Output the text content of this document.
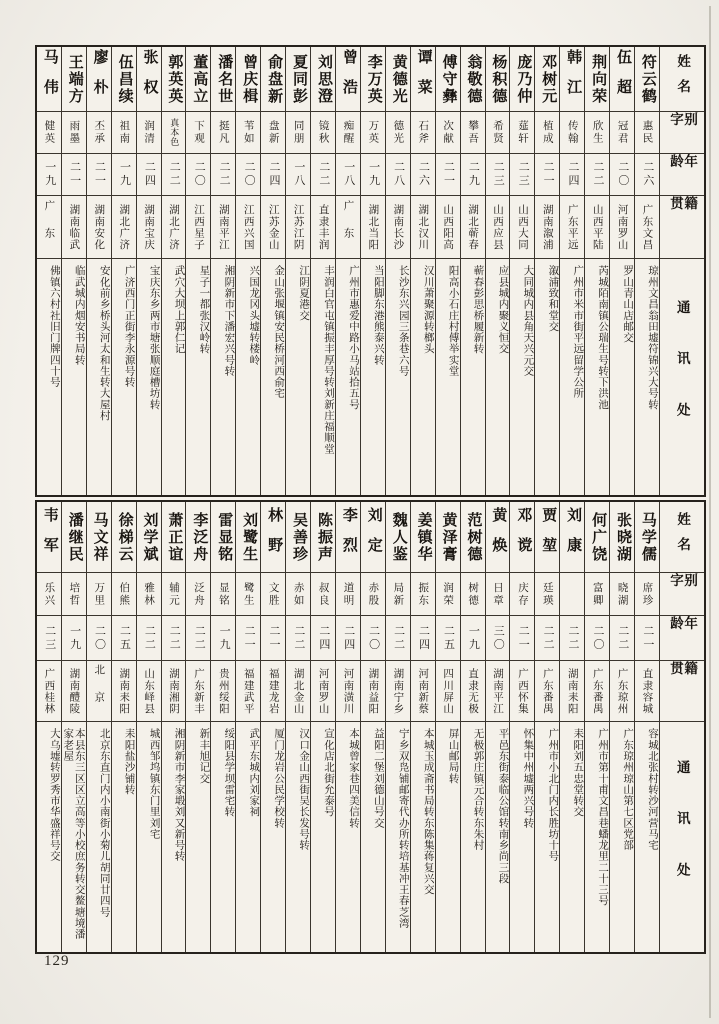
姓名
别字
年龄
籍贯
通讯处
符云鹤
惠民
二六
广东文昌
琼州文昌翁田墟符锦兴大号转
伍超
冠君
二〇
河南罗山
罗山青山店邮交
荆向荣
欣生
二二
山西平陆
芮城陌南镇公瑞生号转下洪池
韩江
传翰
二四
广东平远
广州市米市街平远留学公所
邓树元
植成
二一
湖南溆浦
溆浦致和堂交
庞乃仲
莚轩
二三
山西大同
大同城内县角天兴元交
杨积德
希贤
二三
山西应县
应县城内聚义恒交
翁敬德
攀吾
二九
湖北蕲春
蕲春彭思桥履新转
傅守彝
次献
二一
山西阳高
阳高小石庄村傅举实堂
谭菜
石斧
二六
湖北汉川
汉川萧聚源转榔头
黄德光
德光
二八
湖南长沙
长沙东兴园三条巷六号
李万英
万英
一九
湖北当阳
当阳脚东港熊泰兴转
曾浩
痴醒
一八
广东
广州市惠爱中路小马站拾五号
刘思澄
镜秋
二二
直隶丰润
丰润白官屯镇振丰厚号转刘新庄福顺堂
夏同彭
同朋
一八
江苏江阴
江阴夏港交
俞盘新
盘新
二四
江苏金山
金山张堰镇安民桥河西俞宅
曾庆楫
苇如
二〇
江西兴国
兴国龙冈头墟转楼岭
潘名世
挺凡
二二
湖南平江
湘阴新市下潘宏兴号转
董高立
下观
二〇
江西星子
星子一都张汉岭转
郭英英
真本色
二二
湖北广济
武穴大坝上郭仁记
张权
润清
二四
湖南宝庆
宝庆东乡两市塘张顺庭槽坊转
伍昌续
祖南
一九
湖北广济
广济西门正街李永源号转
廖朴
丕承
二一
湖南安化
安化前乡桥头河太和生转大屋村
王端方
雨墨
二一
湖南临武
临武城内烟安书局转
马伟
健英
一九
广东
佛镇六村社旧门牌四十号
姓名
别字
年龄
籍贯
通讯处
马学儒
席珍
二一
直隶容城
容城北张村转沙河营马宅
张晓湖
晓湖
二二
广东琼州
广东琼州琼山第七区党部
何广饶
富卿
二〇
广东番禺
广州市第十甫文昌巷蟠龙里二十三号
刘康
二二
湖南耒阳
耒阳刘五忠堂转交
贾堃
廷瑛
二二
广东番禺
广州市小北门内长胜坊十号
邓谠
庆存
二一
广西怀集
怀集中州墟两兴号转
黄焕
日章
三〇
湖南平江
平邑东街泰临公馆转南乡尚三段
范树德
树德
一九
直隶无极
无极郭庄镇元合转东朱村
黄泽膏
润荣
二五
四川屏山
屏山邮局转
姜镇华
振东
二四
河南新蔡
本城玉成斋书局转东陈集蒋复兴交
魏人鉴
局新
二二
湖南宁乡
宁乡双凫铺邮寄代办所转培基冲王春芝湾
刘定
赤殷
二〇
湖南益阳
益阳二堡刘德山号交
李烈
道明
二四
河南潢川
本城曾家巷四美信转
陈振声
叔良
二四
河南罗山
宣化店北街允泰号
吴善珍
赤如
二二
湖北金山
汉口金山西街吴长发号转
林野
文胜
二一
福建龙岩
厦门龙岩公民学校转
刘鹭生
鹭生
二一
福建武平
武平东城内刘家祠
雷显铭
显铭
一九
贵州绥阳
绥阳县学坝雷宅转
李泛舟
泛舟
二二
广东新丰
新丰旭记交
萧正谊
辅元
二二
湖南湘阴
湘阴新市李家塅刘又新号转
刘学斌
雅林
二二
山东峄县
城西邹坞镇东门里刘宅
徐梯云
伯熊
二五
湖南耒阳
耒阳盐沙铺转
马文祥
万里
二〇
北京
北京东直门内小南街小菊儿胡同廿四号
潘继民
培哲
一九
湖南醴陵
本县东三区区立高等小校庶务转交鳌塘境潘家老屋
韦军
乐兴
二三
广西桂林
大乌墟转罗秀市华盛祥号交
129
